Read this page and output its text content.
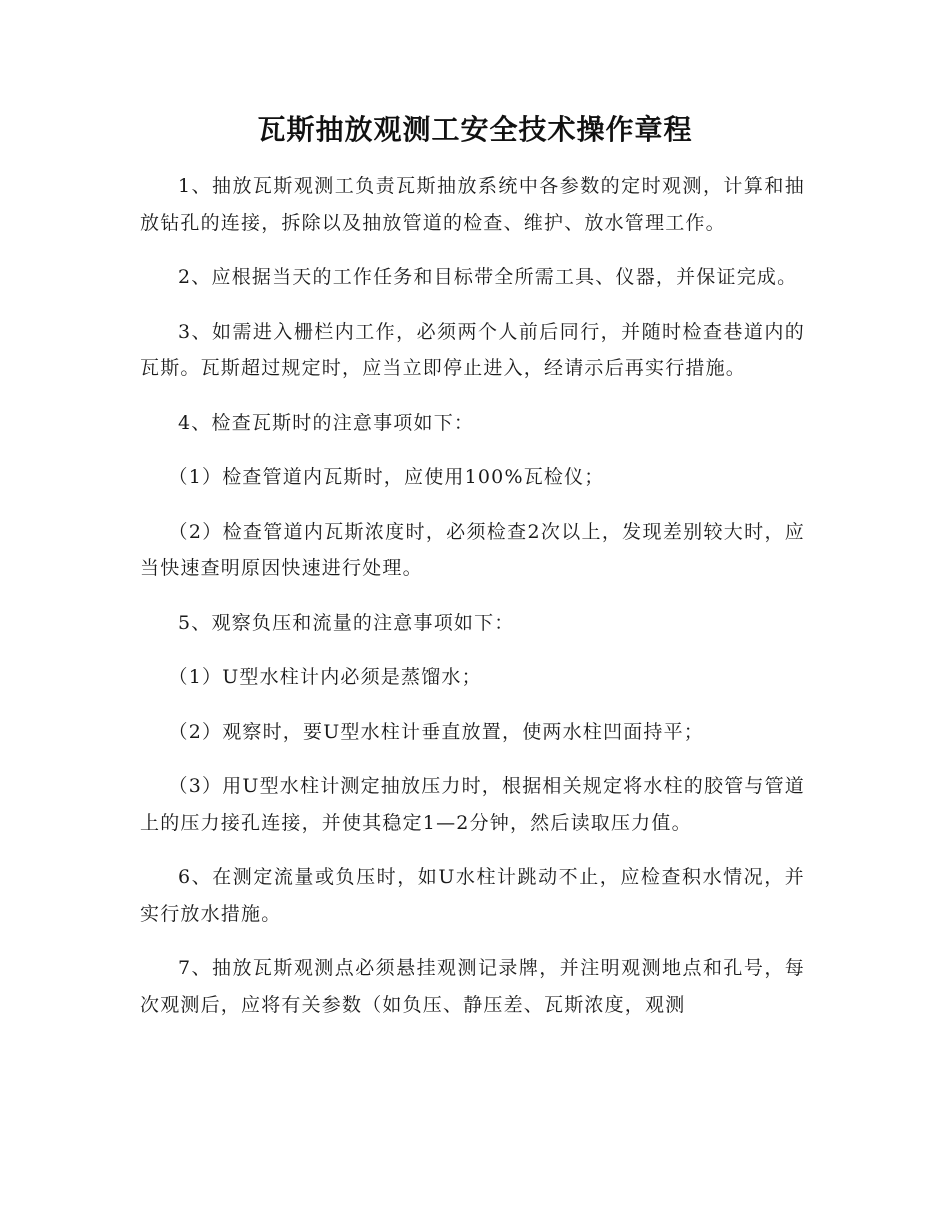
瓦斯抽放观测工安全技术操作章程

1、抽放瓦斯观测工负责瓦斯抽放系统中各参数的定时观测，计算和抽放钻孔的连接，拆除以及抽放管道的检查、维护、放水管理工作。

2、应根据当天的工作任务和目标带全所需工具、仪器，并保证完成。

3、如需进入栅栏内工作，必须两个人前后同行，并随时检查巷道内的瓦斯。瓦斯超过规定时，应当立即停止进入，经请示后再实行措施。

4、检查瓦斯时的注意事项如下：

（1）检查管道内瓦斯时，应使用100%瓦检仪；

（2）检查管道内瓦斯浓度时，必须检查2次以上，发现差别较大时，应当快速查明原因快速进行处理。

5、观察负压和流量的注意事项如下：

（1）U型水柱计内必须是蒸馏水；

（2）观察时，要U型水柱计垂直放置，使两水柱凹面持平；

（3）用U型水柱计测定抽放压力时，根据相关规定将水柱的胶管与管道上的压力接孔连接，并使其稳定1—2分钟，然后读取压力值。

6、在测定流量或负压时，如U水柱计跳动不止，应检查积水情况，并实行放水措施。

7、抽放瓦斯观测点必须悬挂观测记录牌，并注明观测地点和孔号，每次观测后，应将有关参数（如负压、静压差、瓦斯浓度，观测
